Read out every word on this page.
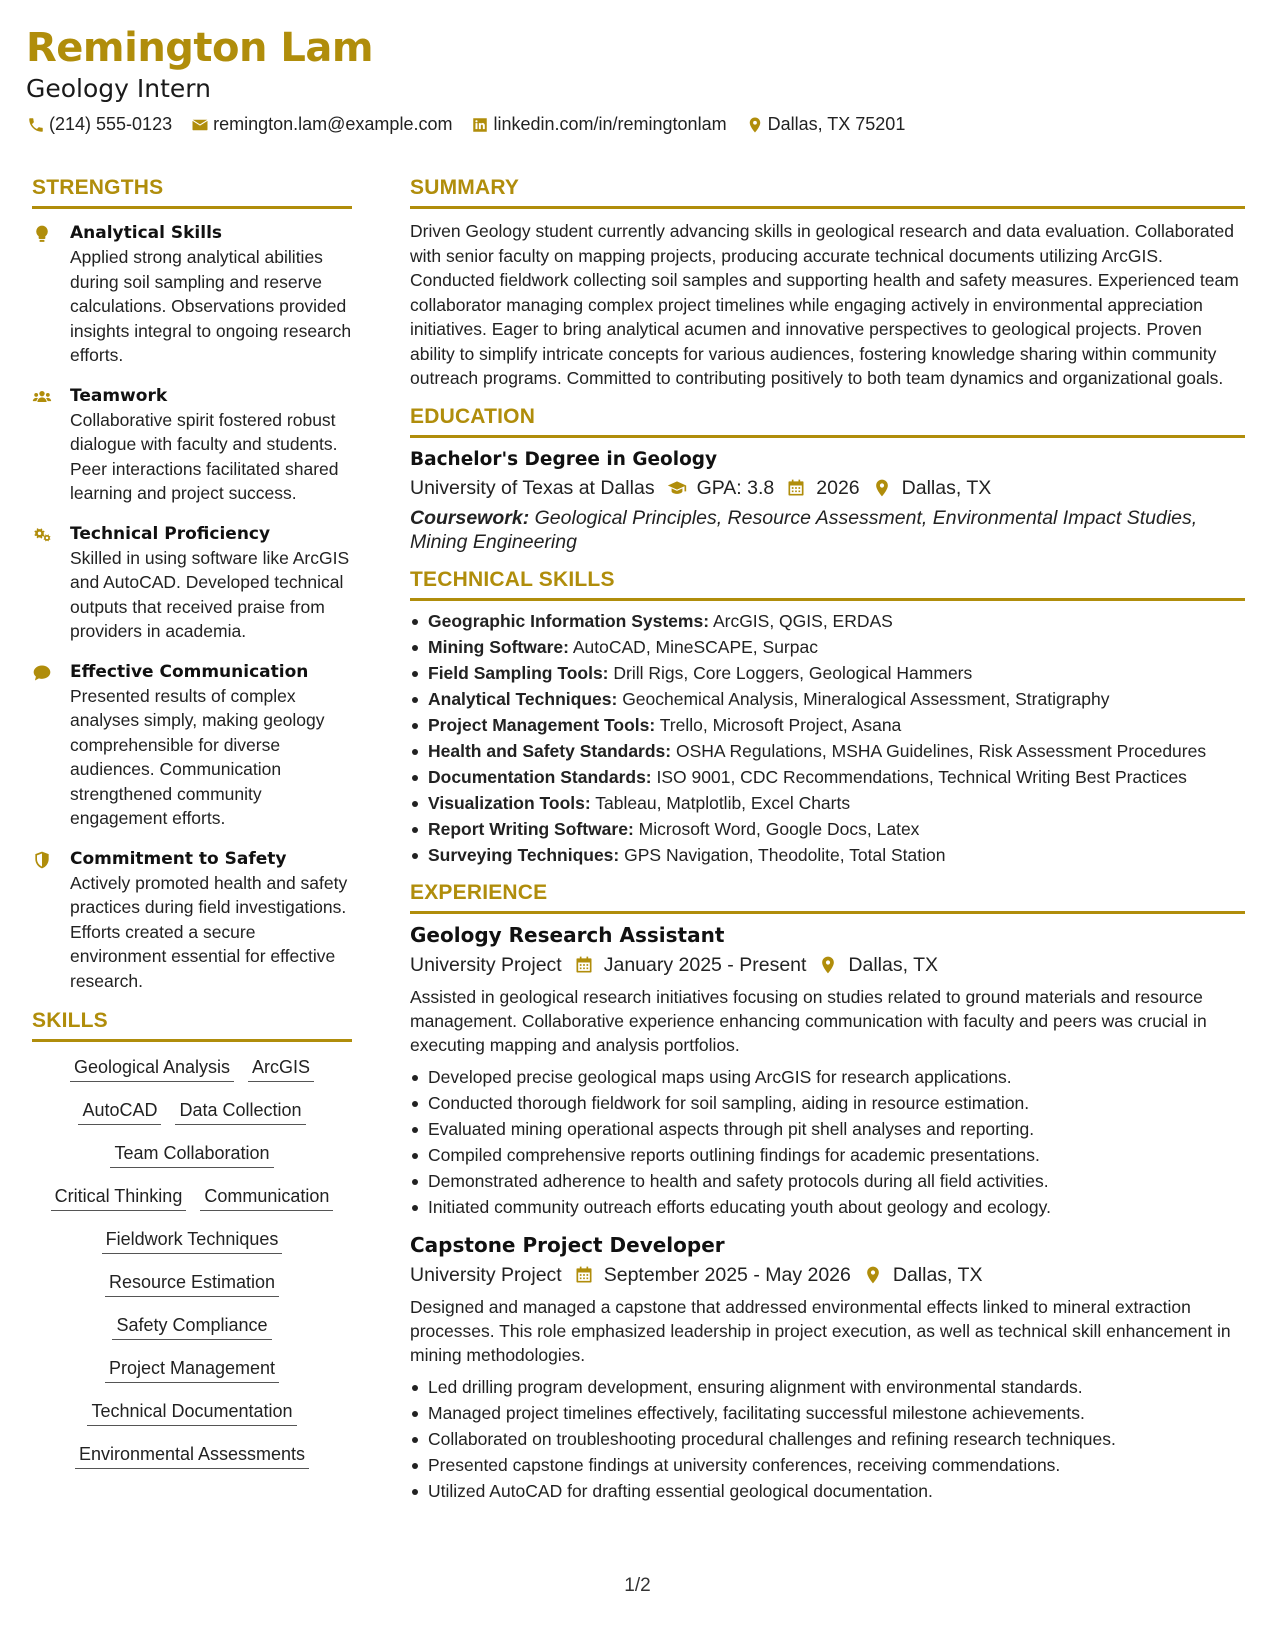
Remington Lam
Geology Intern
(214) 555-0123 remington.lam@example.com linkedin.com/in/remingtonlam Dallas, TX 75201
STRENGTHS
Analytical Skills
Applied strong analytical abilities during soil sampling and reserve calculations. Observations provided insights integral to ongoing research efforts.
Teamwork
Collaborative spirit fostered robust dialogue with faculty and students. Peer interactions facilitated shared learning and project success.
Technical Proficiency
Skilled in using software like ArcGIS and AutoCAD. Developed technical outputs that received praise from providers in academia.
Effective Communication
Presented results of complex analyses simply, making geology comprehensible for diverse audiences. Communication strengthened community engagement efforts.
Commitment to Safety
Actively promoted health and safety practices during field investigations. Efforts created a secure environment essential for effective research.
SKILLS
Geological Analysis ArcGIS
AutoCAD Data Collection
Team Collaboration
Critical Thinking Communication
Fieldwork Techniques
Resource Estimation
Safety Compliance
Project Management
Technical Documentation
Environmental Assessments
SUMMARY
Driven Geology student currently advancing skills in geological research and data evaluation. Collaborated with senior faculty on mapping projects, producing accurate technical documents utilizing ArcGIS. Conducted fieldwork collecting soil samples and supporting health and safety measures. Experienced team collaborator managing complex project timelines while engaging actively in environmental appreciation initiatives. Eager to bring analytical acumen and innovative perspectives to geological projects. Proven ability to simplify intricate concepts for various audiences, fostering knowledge sharing within community outreach programs. Committed to contributing positively to both team dynamics and organizational goals.
EDUCATION
Bachelor's Degree in Geology
University of Texas at Dallas GPA: 3.8 2026 Dallas, TX
Coursework: Geological Principles, Resource Assessment, Environmental Impact Studies, Mining Engineering
TECHNICAL SKILLS
Geographic Information Systems: ArcGIS, QGIS, ERDAS
Mining Software: AutoCAD, MineSCAPE, Surpac
Field Sampling Tools: Drill Rigs, Core Loggers, Geological Hammers
Analytical Techniques: Geochemical Analysis, Mineralogical Assessment, Stratigraphy
Project Management Tools: Trello, Microsoft Project, Asana
Health and Safety Standards: OSHA Regulations, MSHA Guidelines, Risk Assessment Procedures
Documentation Standards: ISO 9001, CDC Recommendations, Technical Writing Best Practices
Visualization Tools: Tableau, Matplotlib, Excel Charts
Report Writing Software: Microsoft Word, Google Docs, Latex
Surveying Techniques: GPS Navigation, Theodolite, Total Station
EXPERIENCE
Geology Research Assistant
University Project January 2025 - Present Dallas, TX
Assisted in geological research initiatives focusing on studies related to ground materials and resource management. Collaborative experience enhancing communication with faculty and peers was crucial in executing mapping and analysis portfolios.
Developed precise geological maps using ArcGIS for research applications.
Conducted thorough fieldwork for soil sampling, aiding in resource estimation.
Evaluated mining operational aspects through pit shell analyses and reporting.
Compiled comprehensive reports outlining findings for academic presentations.
Demonstrated adherence to health and safety protocols during all field activities.
Initiated community outreach efforts educating youth about geology and ecology.
Capstone Project Developer
University Project September 2025 - May 2026 Dallas, TX
Designed and managed a capstone that addressed environmental effects linked to mineral extraction processes. This role emphasized leadership in project execution, as well as technical skill enhancement in mining methodologies.
Led drilling program development, ensuring alignment with environmental standards.
Managed project timelines effectively, facilitating successful milestone achievements.
Collaborated on troubleshooting procedural challenges and refining research techniques.
Presented capstone findings at university conferences, receiving commendations.
Utilized AutoCAD for drafting essential geological documentation.
1/2
